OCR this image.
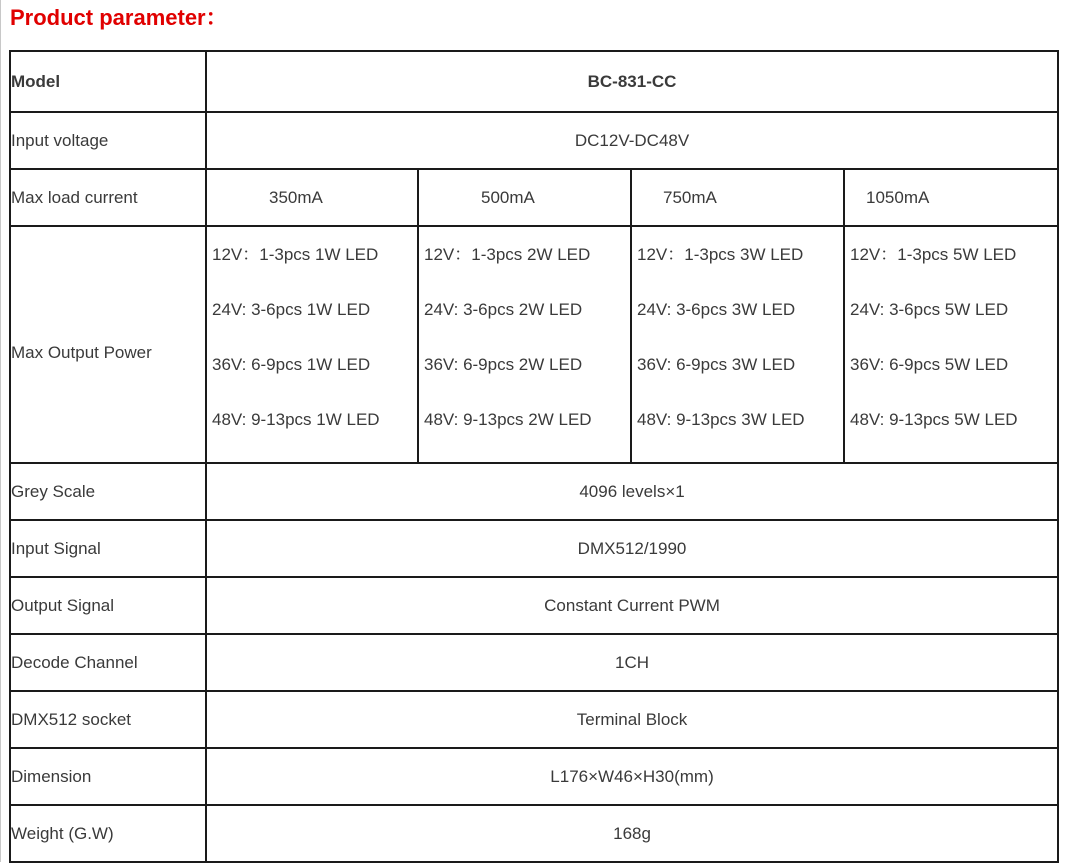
Product parameter：
Model	BC-831-CC			
Input voltage	DC12V-DC48V			
Max load current	350mA	500mA	750mA	1050mA
Max Output Power	12V：1-3pcs 1W LED
24V: 3-6pcs 1W LED
36V: 6-9pcs 1W LED
48V: 9-13pcs 1W LED	12V：1-3pcs 2W LED
24V: 3-6pcs 2W LED
36V: 6-9pcs 2W LED
48V: 9-13pcs 2W LED	12V：1-3pcs 3W LED
24V: 3-6pcs 3W LED
36V: 6-9pcs 3W LED
48V: 9-13pcs 3W LED	12V：1-3pcs 5W LED
24V: 3-6pcs 5W LED
36V: 6-9pcs 5W LED
48V: 9-13pcs 5W LED

Grey Scale	4096 levels×1			
Input Signal	DMX512/1990			
Output Signal	Constant Current PWM			
Decode Channel	1CH			
DMX512 socket	Terminal Block			
Dimension	L176×W46×H30(mm)			
Weight (G.W)	168g			
